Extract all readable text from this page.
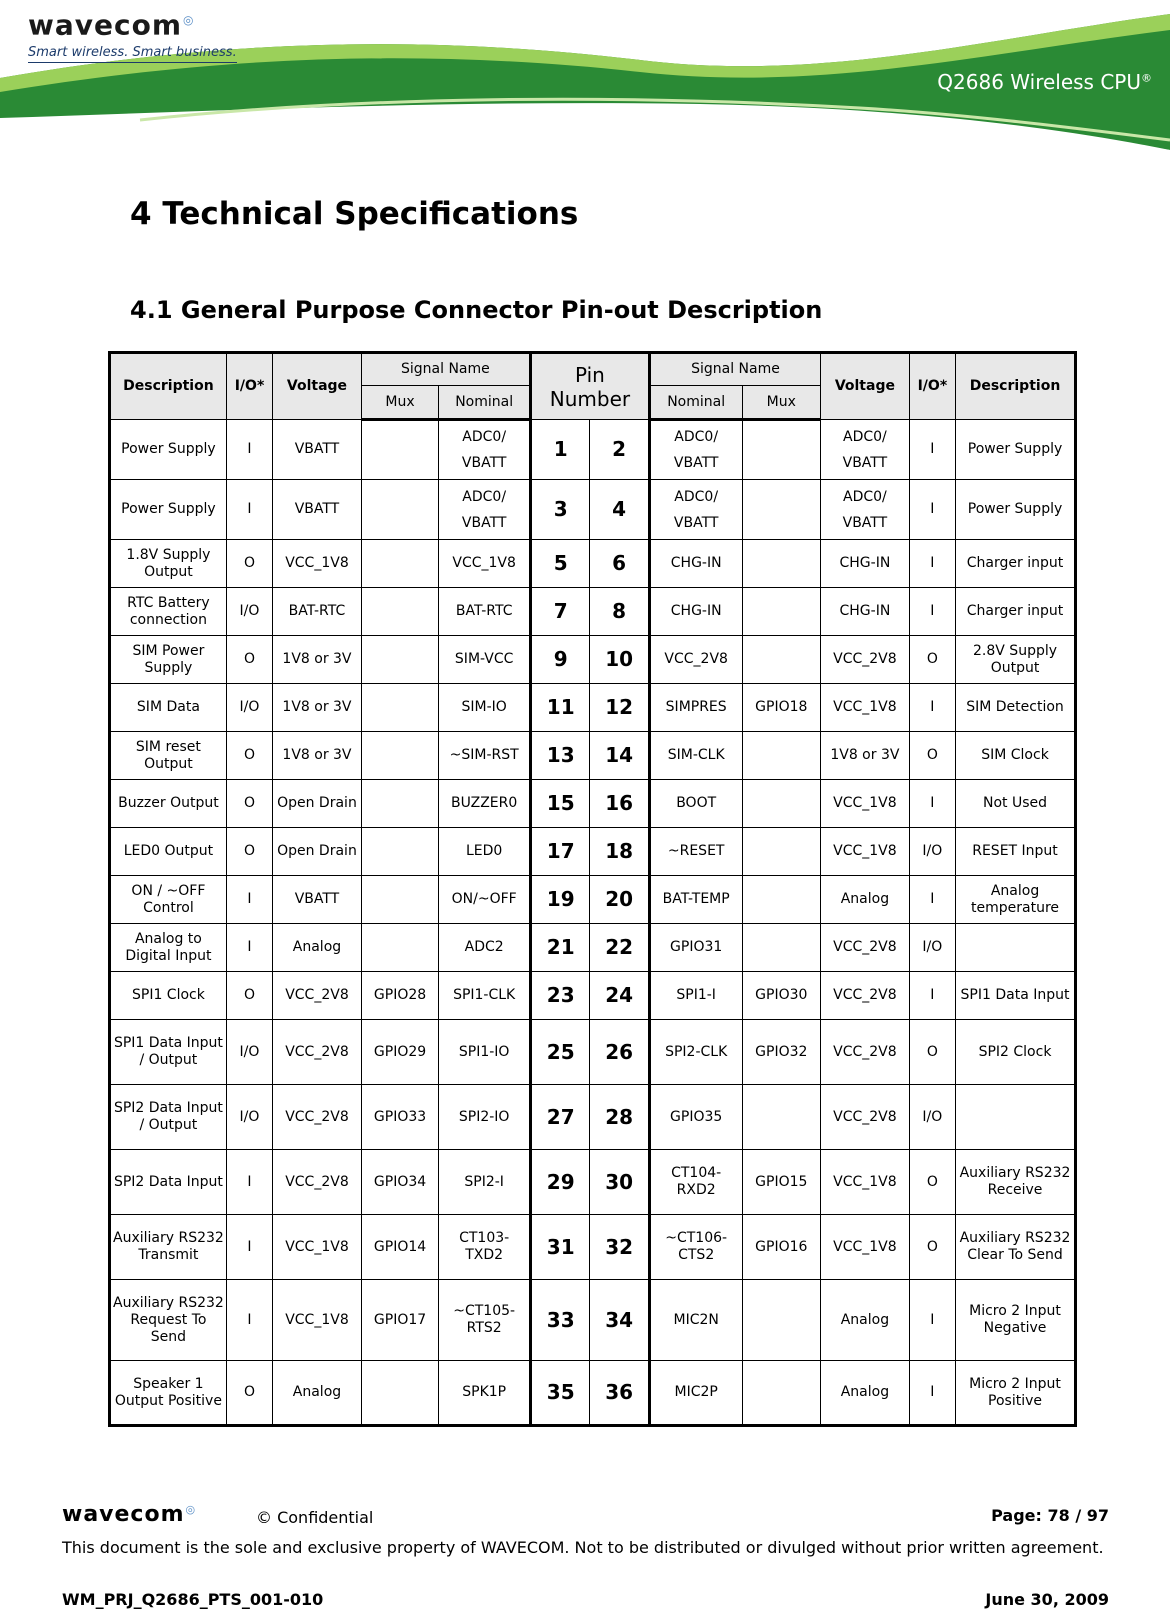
wavecom◎
Smart wireless. Smart business.
Q2686 Wireless CPU®
4 Technical Specifications
4.1 General Purpose Connector Pin-out Description
Description	I/O*	Voltage	Signal Name		Pin Number		Signal Name		Voltage	I/O*	Description
			Mux	Nominal			Nominal	Mux			
Power Supply	I	VBATT		ADC0/ VBATT	1	2	ADC0/ VBATT		ADC0/ VBATT	I	Power Supply
Power Supply	I	VBATT		ADC0/ VBATT	3	4	ADC0/ VBATT		ADC0/ VBATT	I	Power Supply
1.8V Supply Output	O	VCC_1V8		VCC_1V8	5	6	CHG-IN		CHG-IN	I	Charger input
RTC Battery connection	I/O	BAT-RTC		BAT-RTC	7	8	CHG-IN		CHG-IN	I	Charger input
SIM Power Supply	O	1V8 or 3V		SIM-VCC	9	10	VCC_2V8		VCC_2V8	O	2.8V Supply Output
SIM Data	I/O	1V8 or 3V		SIM-IO	11	12	SIMPRES	GPIO18	VCC_1V8	I	SIM Detection
SIM reset Output	O	1V8 or 3V		~SIM-RST	13	14	SIM-CLK		1V8 or 3V	O	SIM Clock
Buzzer Output	O	Open Drain		BUZZER0	15	16	BOOT		VCC_1V8	I	Not Used
LED0 Output	O	Open Drain		LED0	17	18	~RESET		VCC_1V8	I/O	RESET Input
ON / ~OFF Control	I	VBATT		ON/~OFF	19	20	BAT-TEMP		Analog	I	Analog temperature
Analog to Digital Input	I	Analog		ADC2	21	22	GPIO31		VCC_2V8	I/O	
SPI1 Clock	O	VCC_2V8	GPIO28	SPI1-CLK	23	24	SPI1-I	GPIO30	VCC_2V8	I	SPI1 Data Input
SPI1 Data Input / Output	I/O	VCC_2V8	GPIO29	SPI1-IO	25	26	SPI2-CLK	GPIO32	VCC_2V8	O	SPI2 Clock
SPI2 Data Input / Output	I/O	VCC_2V8	GPIO33	SPI2-IO	27	28	GPIO35		VCC_2V8	I/O	
SPI2 Data Input	I	VCC_2V8	GPIO34	SPI2-I	29	30	CT104-RXD2	GPIO15	VCC_1V8	O	Auxiliary RS232 Receive
Auxiliary RS232 Transmit	I	VCC_1V8	GPIO14	CT103-TXD2	31	32	~CT106-CTS2	GPIO16	VCC_1V8	O	Auxiliary RS232 Clear To Send
Auxiliary RS232 Request To Send	I	VCC_1V8	GPIO17	~CT105-RTS2	33	34	MIC2N		Analog	I	Micro 2 Input Negative
Speaker 1 Output Positive	O	Analog		SPK1P	35	36	MIC2P		Analog	I	Micro 2 Input Positive
wavecom◎	© Confidential	Page: 78 / 97
This document is the sole and exclusive property of WAVECOM. Not to be distributed or divulged without prior written agreement.
WM_PRJ_Q2686_PTS_001-010	June 30, 2009
